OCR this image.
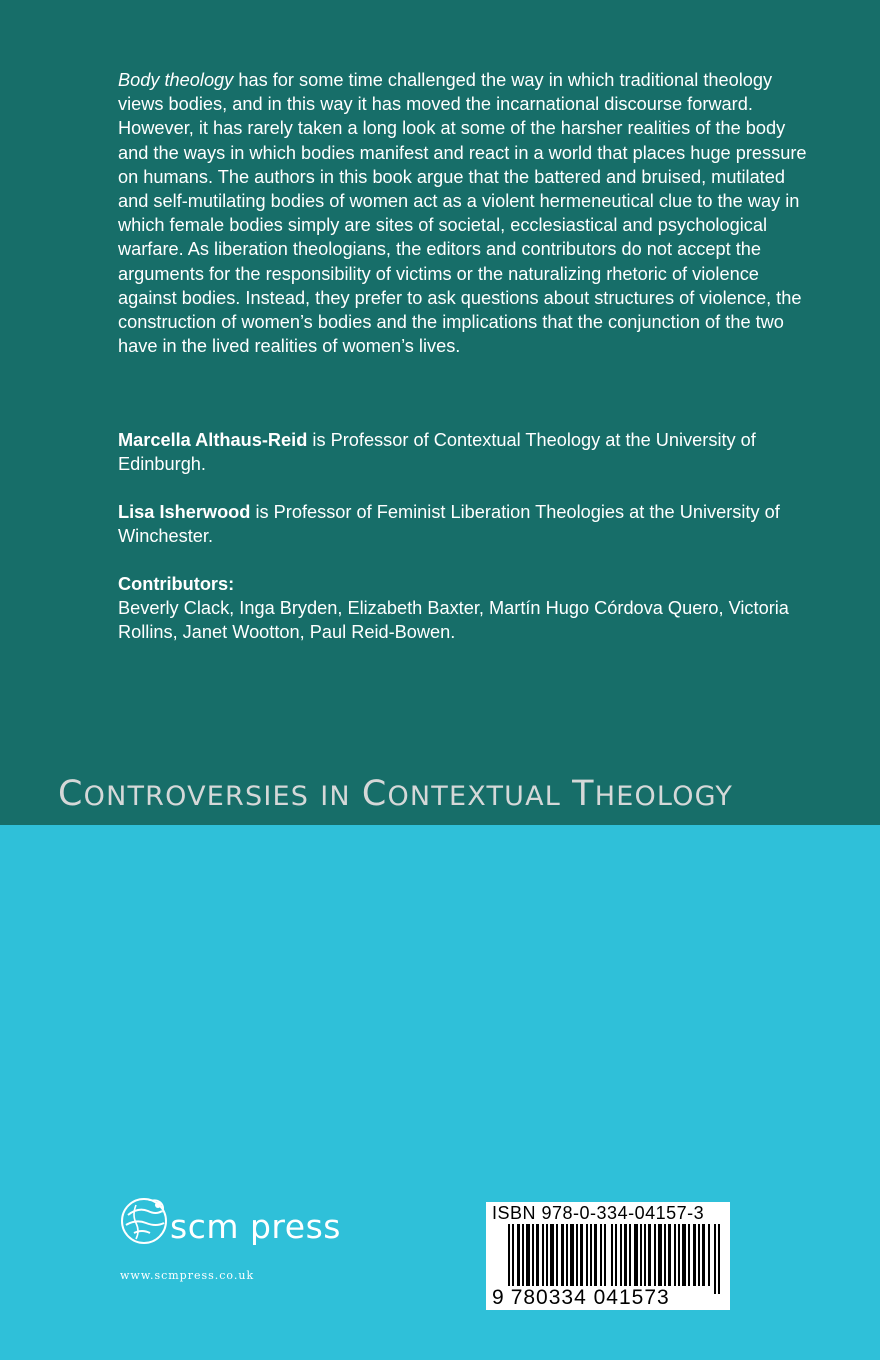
Body theology has for some time challenged the way in which traditional theology views bodies, and in this way it has moved the incarnational discourse forward. However, it has rarely taken a long look at some of the harsher realities of the body and the ways in which bodies manifest and react in a world that places huge pressure on humans. The authors in this book argue that the battered and bruised, mutilated and self-mutilating bodies of women act as a violent hermeneutical clue to the way in which female bodies simply are sites of societal, ecclesiastical and psychological warfare. As liberation theologians, the editors and contributors do not accept the arguments for the responsibility of victims or the naturalizing rhetoric of violence against bodies. Instead, they prefer to ask questions about structures of violence, the construction of women’s bodies and the implications that the conjunction of the two have in the lived realities of women’s lives.

Marcella Althaus-Reid is Professor of Contextual Theology at the University of Edinburgh.

Lisa Isherwood is Professor of Feminist Liberation Theologies at the University of Winchester.

Contributors:
Beverly Clack, Inga Bryden, Elizabeth Baxter, Martín Hugo Córdova Quero, Victoria Rollins, Janet Wootton, Paul Reid-Bowen.

CONTROVERSIES IN CONTEXTUAL THEOLOGY
scm press
www.scmpress.co.uk
ISBN 978-0-334-04157-3
9 780334 041573
